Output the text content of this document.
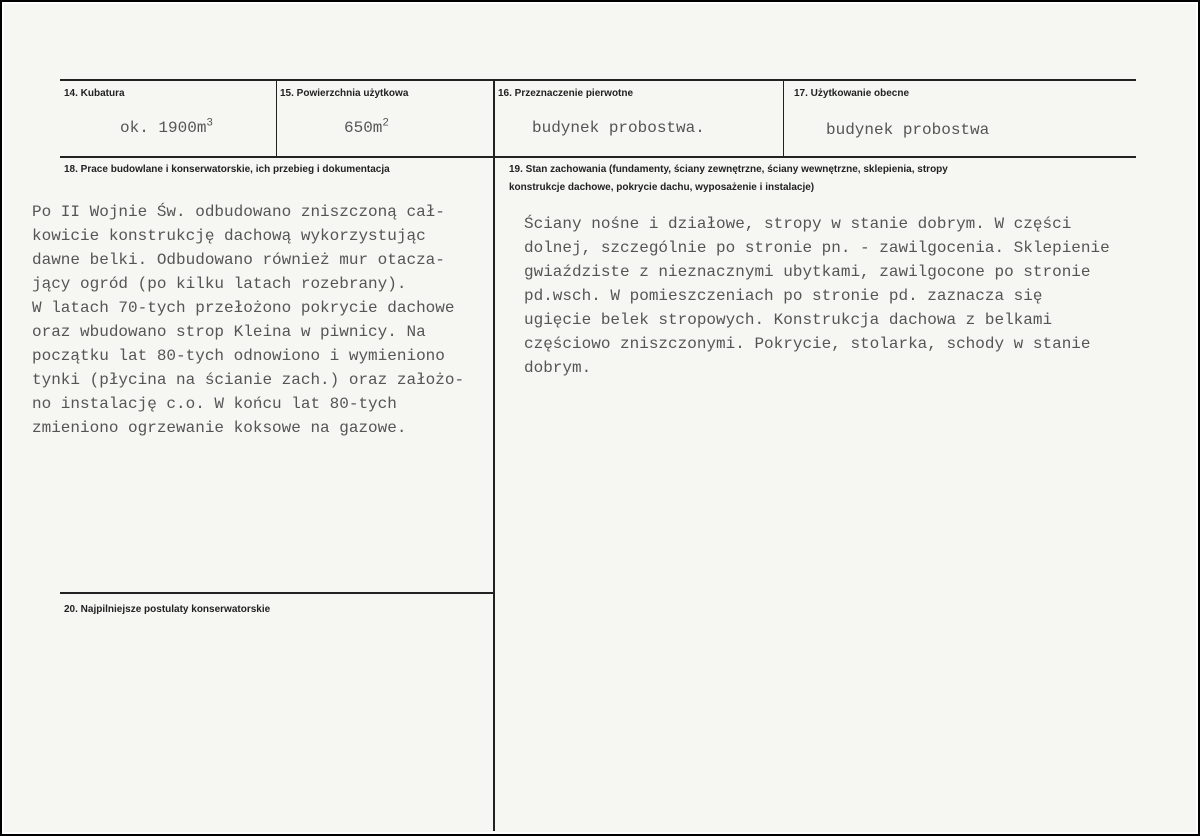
14. Kubatura
ok. $1900m^3$
15. Powierzchnia użytkowa
$650m^2$
16. Przeznaczenie pierwotne
budynek probostwa.
17. Użytkowanie obecne
budynek probostwa
18. Prace budowlane i konserwatorskie, ich przebieg i dokumentacja
Po II Wojnie Św. odbudowano zniszczoną cał-
kowicie konstrukcję dachową wykorzystując
dawne belki. Odbudowano również mur otacza-
jący ogród (po kilku latach rozebrany).
W latach 70-tych przełożono pokrycie dachowe
oraz wbudowano strop Kleina w piwnicy. Na
początku lat 80-tych odnowiono i wymieniono
tynki (płycina na ścianie zach.) oraz założo-
no instalację c.o. W końcu lat 80-tych
zmieniono ogrzewanie koksowe na gazowe.
19. Stan zachowania (fundamenty, ściany zewnętrzne, ściany wewnętrzne, sklepienia, stropy
konstrukcje dachowe, pokrycie dachu, wyposażenie i instalacje)
Ściany nośne i działowe, stropy w stanie dobrym. W części
dolnej, szczególnie po stronie pn. - zawilgocenia. Sklepienie
gwiaździste z nieznacznymi ubytkami, zawilgocone po stronie
pd.wsch. W pomieszczeniach po stronie pd. zaznacza się
ugięcie belek stropowych. Konstrukcja dachowa z belkami
częściowo zniszczonymi. Pokrycie, stolarka, schody w stanie
dobrym.
20. Najpilniejsze postulaty konserwatorskie
